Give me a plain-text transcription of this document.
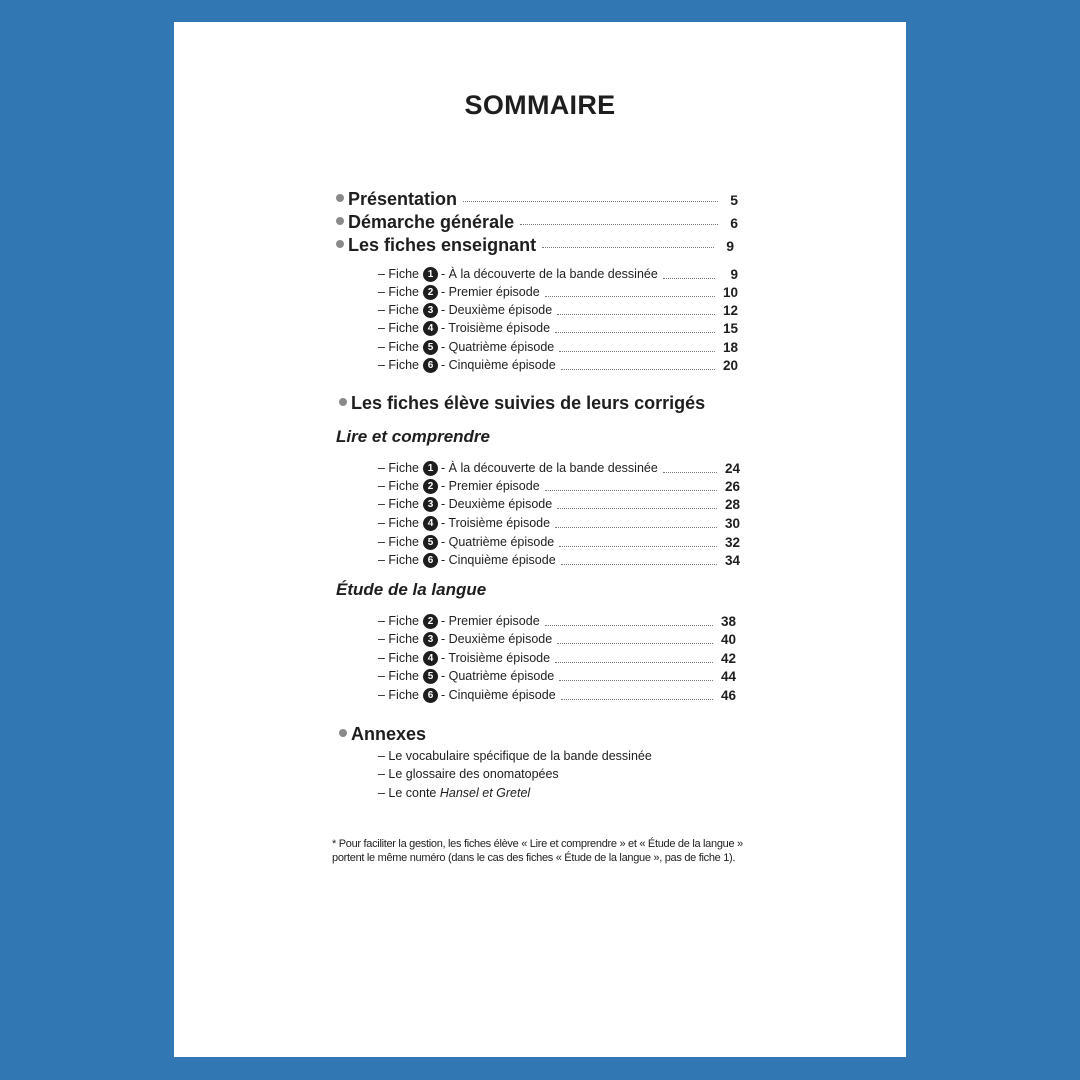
SOMMAIRE
Présentation	5
Démarche générale	6
Les fiches enseignant	9
– Fiche 1 - À la découverte de la bande dessinée	9
– Fiche 2 - Premier épisode	10
– Fiche 3 - Deuxième épisode	12
– Fiche 4 - Troisième épisode	15
– Fiche 5 - Quatrième épisode	18
– Fiche 6 - Cinquième épisode	20
Les fiches élève suivies de leurs corrigés

Lire et comprendre

– Fiche 1 - À la découverte de la bande dessinée	24
– Fiche 2 - Premier épisode	26
– Fiche 3 - Deuxième épisode	28
– Fiche 4 - Troisième épisode	30
– Fiche 5 - Quatrième épisode	32
– Fiche 6 - Cinquième épisode	34

Étude de la langue

– Fiche 2 - Premier épisode	38
– Fiche 3 - Deuxième épisode	40
– Fiche 4 - Troisième épisode	42
– Fiche 5 - Quatrième épisode	44
– Fiche 6 - Cinquième épisode	46
Annexes
– Le vocabulaire spécifique de la bande dessinée
– Le glossaire des onomatopées
– Le conte Hansel et Gretel

* Pour faciliter la gestion, les fiches élève « Lire et comprendre » et « Étude de la langue »
portent le même numéro (dans le cas des fiches « Étude de la langue », pas de fiche 1).
